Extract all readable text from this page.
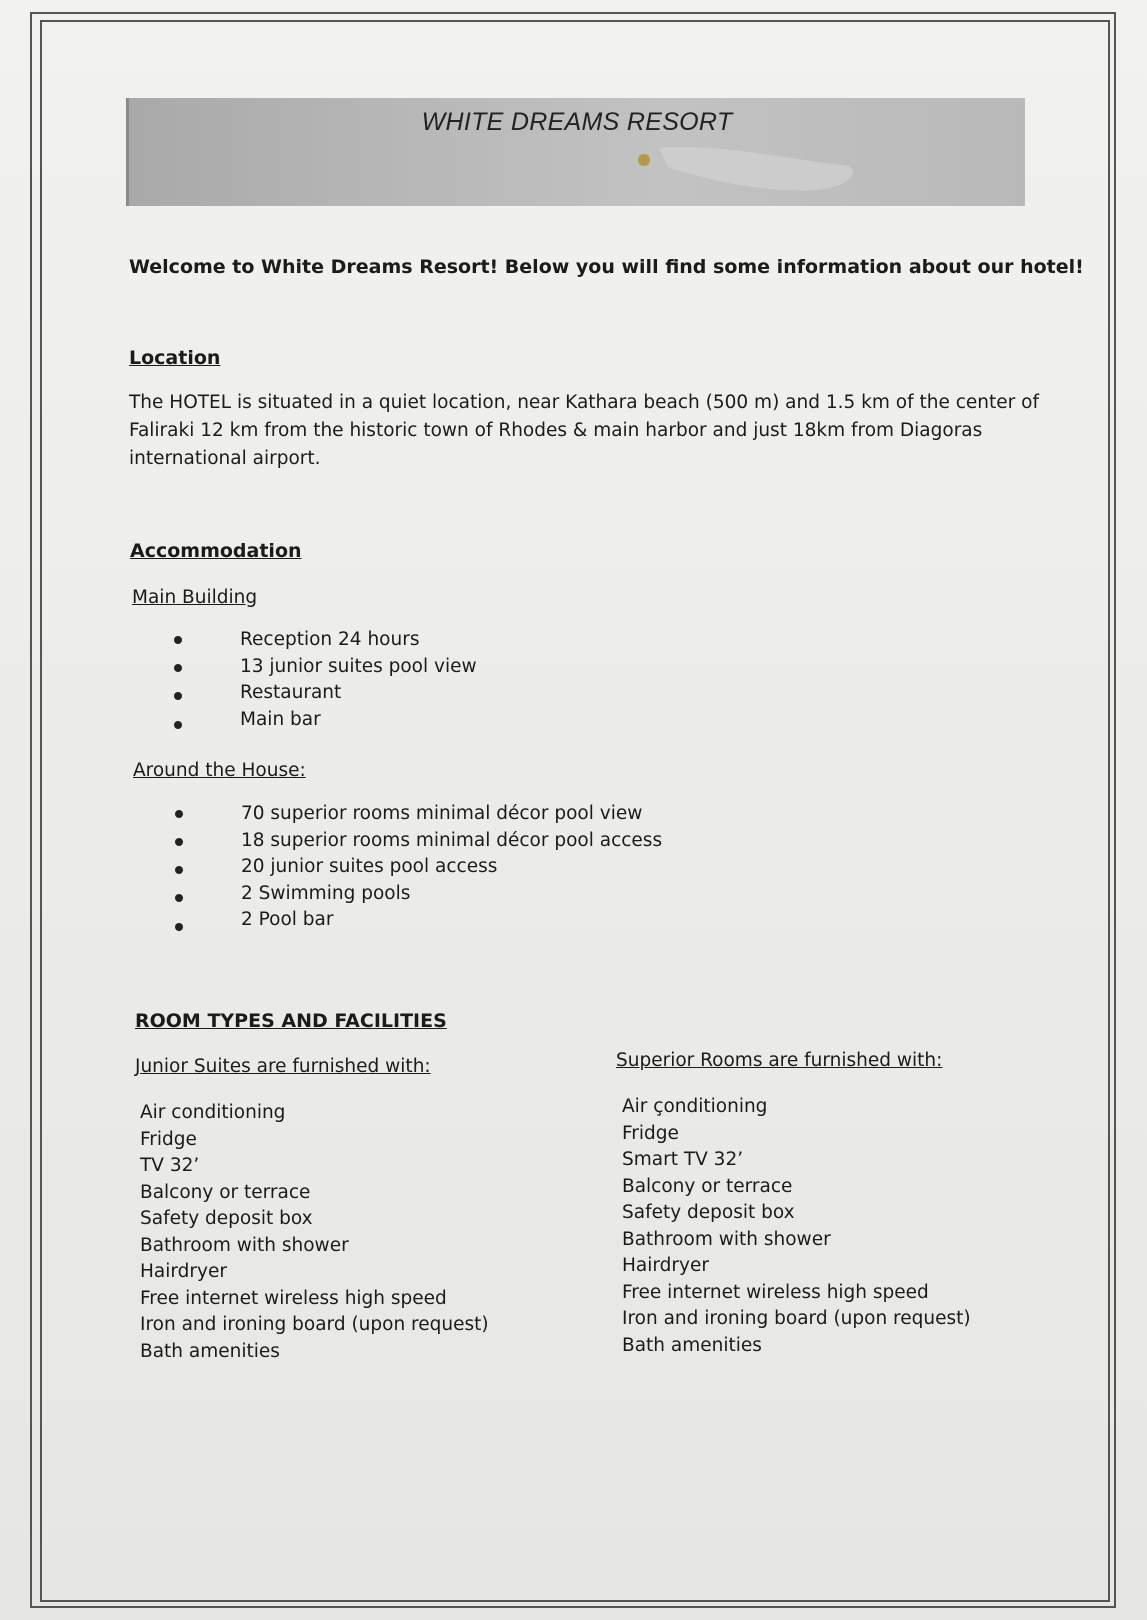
WHITE DREAMS RESORT
Welcome to White Dreams Resort! Below you will find some information about our hotel!
Location
The HOTEL is situated in a quiet location, near Kathara beach (500 m) and 1.5 km of the center of
Faliraki 12 km from the historic town of Rhodes & main harbor and just 18km from Diagoras
international airport.
Accommodation
Main Building
Reception 24 hours
13 junior suites pool view
Restaurant
Main bar
Around the House:
70 superior rooms minimal décor pool view
18 superior rooms minimal décor pool access
20 junior suites pool access
2 Swimming pools
2 Pool bar
ROOM TYPES AND FACILITIES
Junior Suites are furnished with:
Air conditioning
Fridge
TV 32’
Balcony or terrace
Safety deposit box
Bathroom with shower
Hairdryer
Free internet wireless high speed
Iron and ironing board (upon request)
Bath amenities
Superior Rooms are furnished with:
Air çonditioning
Fridge
Smart TV 32’
Balcony or terrace
Safety deposit box
Bathroom with shower
Hairdryer
Free internet wireless high speed
Iron and ironing board (upon request)
Bath amenities
